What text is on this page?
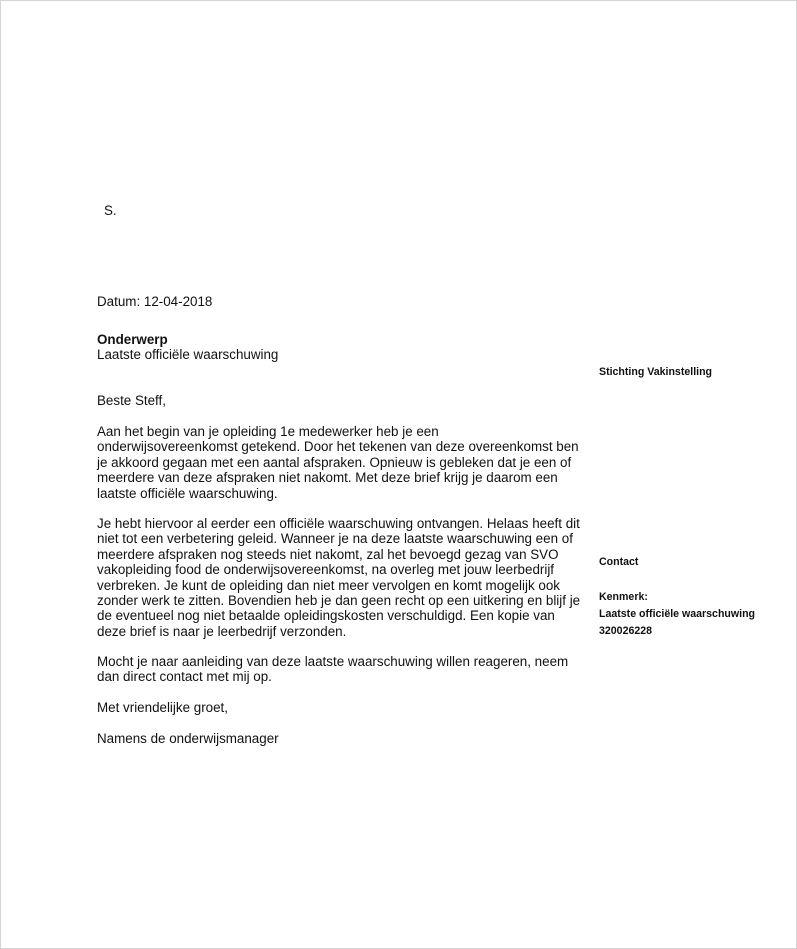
S.
Datum: 12-04-2018
Onderwerp
Laatste officiële waarschuwing
Beste Steff,
Aan het begin van je opleiding 1e medewerker heb je een
onderwijsovereenkomst getekend. Door het tekenen van deze overeenkomst ben
je akkoord gegaan met een aantal afspraken. Opnieuw is gebleken dat je een of
meerdere van deze afspraken niet nakomt. Met deze brief krijg je daarom een
laatste officiële waarschuwing.
Je hebt hiervoor al eerder een officiële waarschuwing ontvangen. Helaas heeft dit
niet tot een verbetering geleid. Wanneer je na deze laatste waarschuwing een of
meerdere afspraken nog steeds niet nakomt, zal het bevoegd gezag van SVO
vakopleiding food de onderwijsovereenkomst, na overleg met jouw leerbedrijf
verbreken. Je kunt de opleiding dan niet meer vervolgen en komt mogelijk ook
zonder werk te zitten. Bovendien heb je dan geen recht op een uitkering en blijf je
de eventueel nog niet betaalde opleidingskosten verschuldigd. Een kopie van
deze brief is naar je leerbedrijf verzonden.
Mocht je naar aanleiding van deze laatste waarschuwing willen reageren, neem
dan direct contact met mij op.
Met vriendelijke groet,
Namens de onderwijsmanager
Stichting Vakinstelling
Contact
Kenmerk:
Laatste officiële waarschuwing
320026228
